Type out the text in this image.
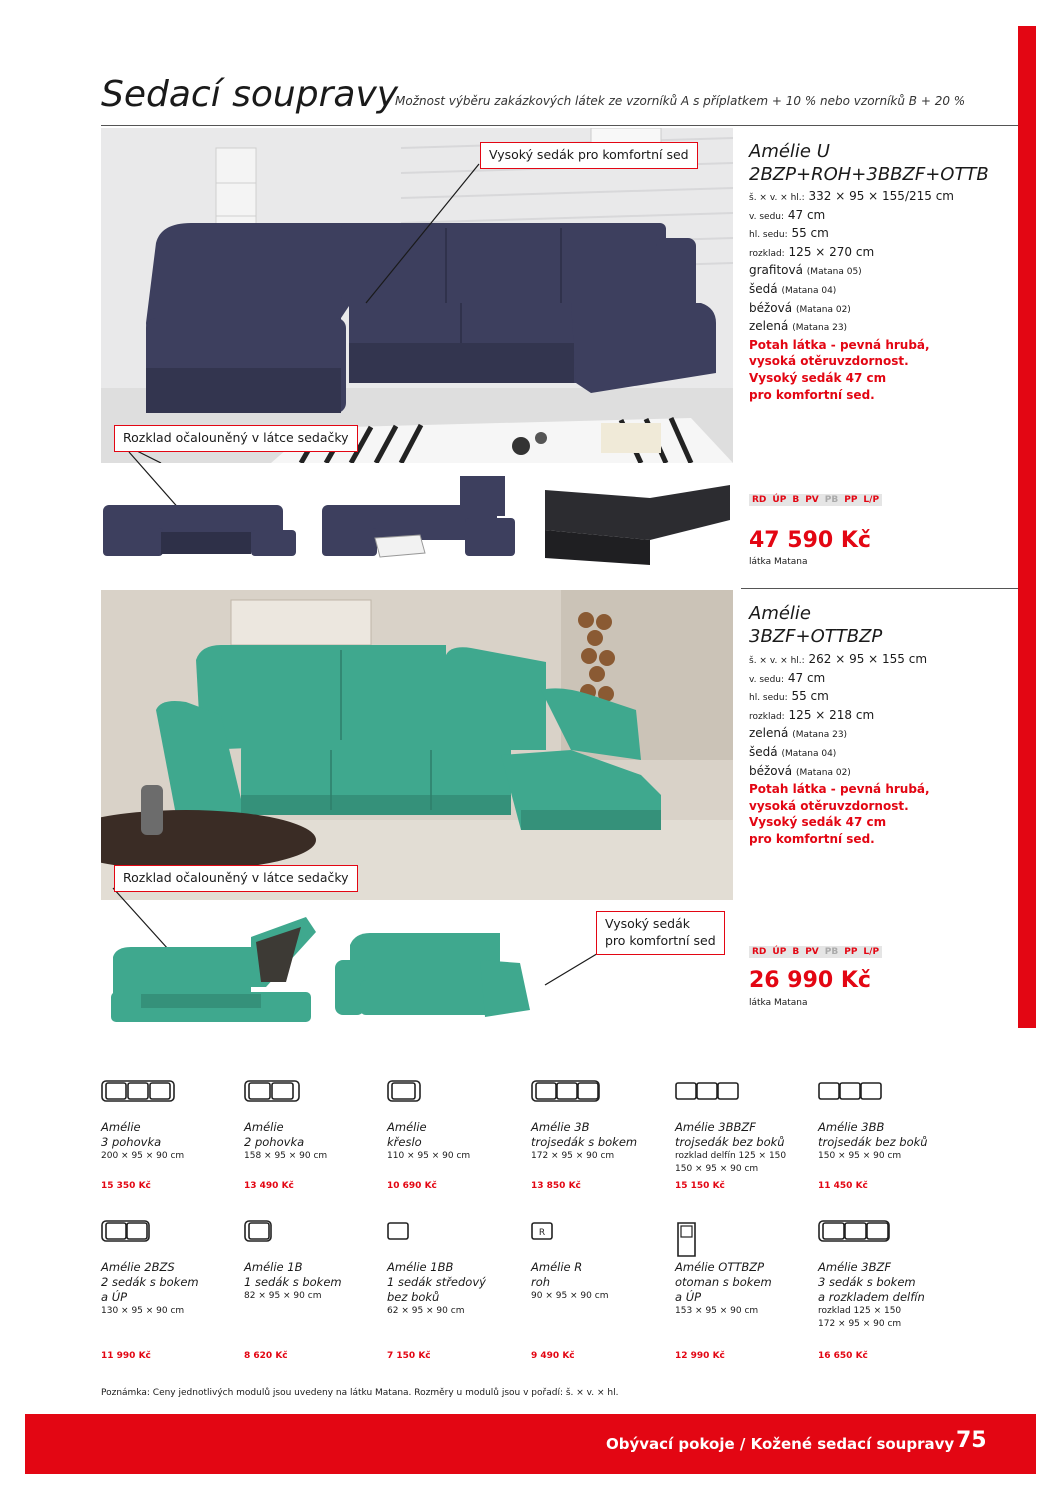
Sedací soupravy
Možnost výběru zakázkových látek ze vzorníků A s příplatkem + 10 % nebo vzorníků B + 20 %
Vysoký sedák pro komfortní sed
Rozklad očalouněný v látce sedačky
Amélie U
2BZP+ROH+3BBZF+OTTB
š. × v. × hl.: 332 × 95 × 155/215 cm
v. sedu: 47 cm
hl. sedu: 55 cm
rozklad: 125 × 270 cm
grafitová (Matana 05)
šedá (Matana 04)
béžová (Matana 02)
zelená (Matana 23)
Potah látka - pevná hrubá,
vysoká otěruvzdornost.
Vysoký sedák 47 cm
pro komfortní sed.
RD ÚP B PV PB PP L/P
47 590 Kč
látka Matana
Rozklad očalouněný v látce sedačky
Vysoký sedák
pro komfortní sed
Amélie
3BZF+OTTBZP
š. × v. × hl.: 262 × 95 × 155 cm
v. sedu: 47 cm
hl. sedu: 55 cm
rozklad: 125 × 218 cm
zelená (Matana 23)
šedá (Matana 04)
béžová (Matana 02)
Potah látka - pevná hrubá,
vysoká otěruvzdornost.
Vysoký sedák 47 cm
pro komfortní sed.
RD ÚP B PV PB PP L/P
26 990 Kč
látka Matana
Amélie
3 pohovka
200 × 95 × 90 cm
15 350 Kč
Amélie
2 pohovka
158 × 95 × 90 cm
13 490 Kč
Amélie
křeslo
110 × 95 × 90 cm
10 690 Kč
Amélie 3B
trojsedák s bokem
172 × 95 × 90 cm
13 850 Kč
Amélie 3BBZF
trojsedák bez boků
rozklad delfín 125 × 150
150 × 95 × 90 cm
15 150 Kč
Amélie 3BB
trojsedák bez boků
150 × 95 × 90 cm
11 450 Kč
Amélie 2BZS
2 sedák s bokem
a ÚP
130 × 95 × 90 cm
11 990 Kč
Amélie 1B
1 sedák s bokem
82 × 95 × 90 cm
8 620 Kč
Amélie 1BB
1 sedák středový
bez boků
62 × 95 × 90 cm
7 150 Kč
R
Amélie R
roh
90 × 95 × 90 cm
9 490 Kč
Amélie OTTBZP
otoman s bokem
a ÚP
153 × 95 × 90 cm
12 990 Kč
Amélie 3BZF
3 sedák s bokem
a rozkladem delfín
rozklad 125 × 150
172 × 95 × 90 cm
16 650 Kč
Poznámka: Ceny jednotlivých modulů jsou uvedeny na látku Matana. Rozměry u modulů jsou v pořadí: š. × v. × hl.
Obývací pokoje / Kožené sedací soupravy 75
